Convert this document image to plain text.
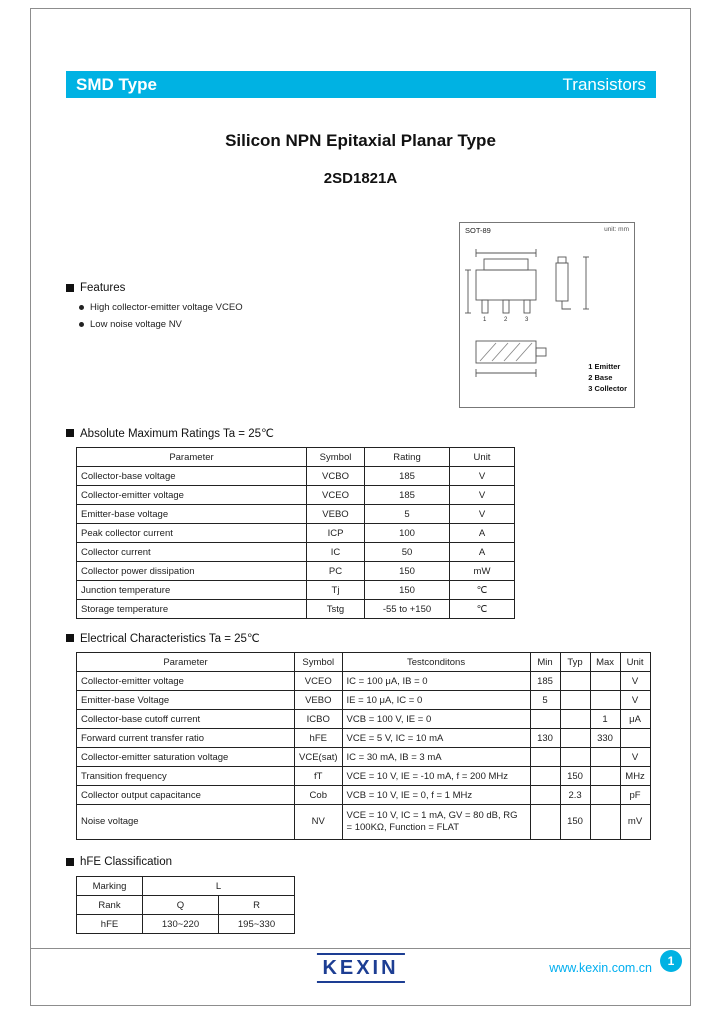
SMD Type	Transistors
Silicon NPN Epitaxial Planar Type
2SD1821A
Features
High collector-emitter voltage VCEO
Low noise voltage NV
SOT-89	unit: mm
1	2	3
1 Emitter
2 Base
3 Collector
Absolute Maximum Ratings Ta = 25℃
Parameter	Symbol	Rating	Unit
Collector-base voltage	VCBO	185	V
Collector-emitter voltage	VCEO	185	V
Emitter-base voltage	VEBO	5	V
Peak collector current	ICP	100	A
Collector current	IC	50	A
Collector power dissipation	PC	150	mW
Junction temperature	Tj	150	℃
Storage temperature	Tstg	-55 to +150	℃
Electrical Characteristics Ta = 25℃
Parameter	Symbol	Testconditons	Min	Typ	Max	Unit
Collector-emitter voltage	VCEO	IC = 100 μA, IB = 0	185			V
Emitter-base Voltage	VEBO	IE = 10 μA, IC = 0	5			V
Collector-base cutoff current	ICBO	VCB = 100 V, IE = 0			1	μA
Forward current transfer ratio	hFE	VCE = 5 V, IC = 10 mA	130		330	
Collector-emitter saturation voltage	VCE(sat)	IC = 30 mA, IB = 3 mA				V
Transition frequency	fT	VCE = 10 V, IE = -10 mA, f = 200 MHz		150		MHz
Collector output capacitance	Cob	VCB = 10 V, IE = 0, f = 1 MHz		2.3		pF
Noise voltage	NV	VCE = 10 V, IC = 1 mA, GV = 80 dB, RG = 100KΩ, Function = FLAT		150		mV
hFE Classification
Marking	L	
Rank	Q	R
hFE	130~220	195~330
KEXIN	www.kexin.com.cn	1
